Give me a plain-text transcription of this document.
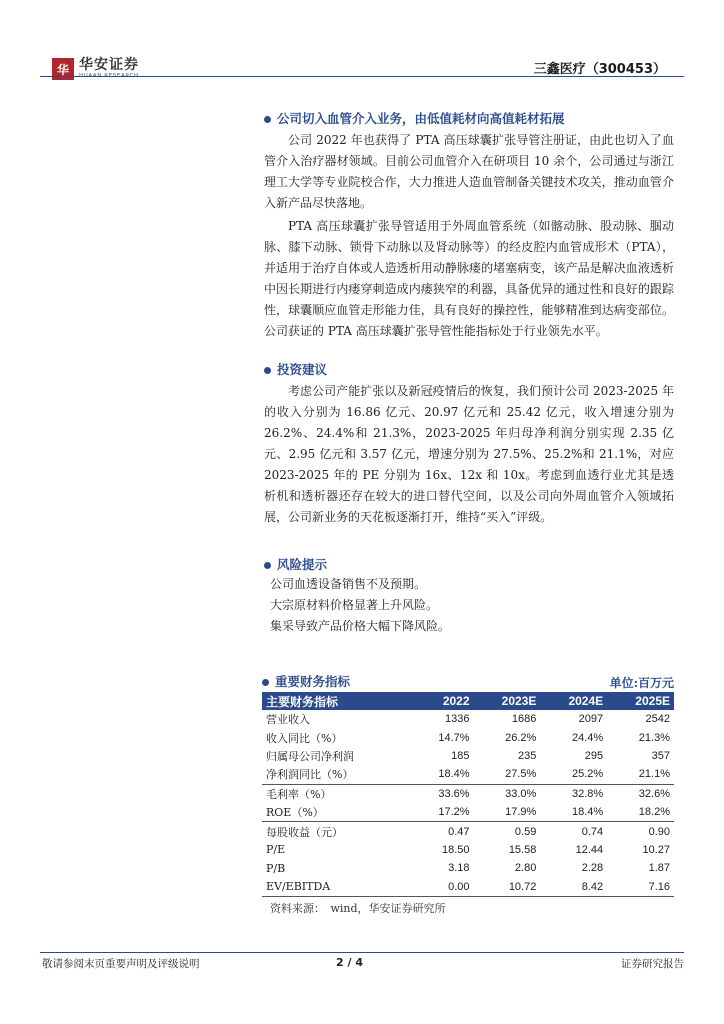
华 华安证券
HUAAN RESEARCH	三鑫医疗（300453）
公司切入血管介入业务，由低值耗材向高值耗材拓展

公司 2022 年也获得了 PTA 高压球囊扩张导管注册证，由此也切入了血管介入治疗器材领域。目前公司血管介入在研项目 10 余个，公司通过与浙江理工大学等专业院校合作，大力推进人造血管制备关键技术攻关，推动血管介入新产品尽快落地。

PTA 高压球囊扩张导管适用于外周血管系统（如髂动脉、股动脉、腘动脉、膝下动脉、锁骨下动脉以及肾动脉等）的经皮腔内血管成形术（PTA），并适用于治疗自体或人造透析用动静脉瘘的堵塞病变，该产品是解决血液透析中因长期进行内瘘穿刺造成内瘘狭窄的利器，具备优异的通过性和良好的跟踪性，球囊顺应血管走形能力佳，具有良好的操控性，能够精准到达病变部位。公司获证的 PTA 高压球囊扩张导管性能指标处于行业领先水平。

投资建议

考虑公司产能扩张以及新冠疫情后的恢复，我们预计公司 2023-2025 年的收入分别为 16.86 亿元、20.97 亿元和 25.42 亿元，收入增速分别为 26.2%、24.4%和 21.3%，2023-2025 年归母净利润分别实现 2.35 亿元、2.95 亿元和 3.57 亿元，增速分别为 27.5%、25.2%和 21.1%，对应 2023-2025 年的 PE 分别为 16x、12x 和 10x。考虑到血透行业尤其是透析机和透析器还存在较大的进口替代空间，以及公司向外周血管介入领域拓展，公司新业务的天花板逐渐打开，维持“买入”评级。

风险提示
公司血透设备销售不及预期。
大宗原材料价格显著上升风险。
集采导致产品价格大幅下降风险。
重要财务指标	单位:百万元
主要财务指标	2022	2023E	2024E	2025E
营业收入	1336	1686	2097	2542
收入同比（%）	14.7%	26.2%	24.4%	21.3%
归属母公司净利润	185	235	295	357
净利润同比（%）	18.4%	27.5%	25.2%	21.1%
毛利率（%）	33.6%	33.0%	32.8%	32.6%
ROE（%）	17.2%	17.9%	18.4%	18.2%
每股收益（元）	0.47	0.59	0.74	0.90
P/E	18.50	15.58	12.44	10.27
P/B	3.18	2.80	2.28	1.87
EV/EBITDA	0.00	10.72	8.42	7.16
资料来源：　wind，华安证券研究所
敬请参阅末页重要声明及评级说明	2 / 4	证券研究报告
